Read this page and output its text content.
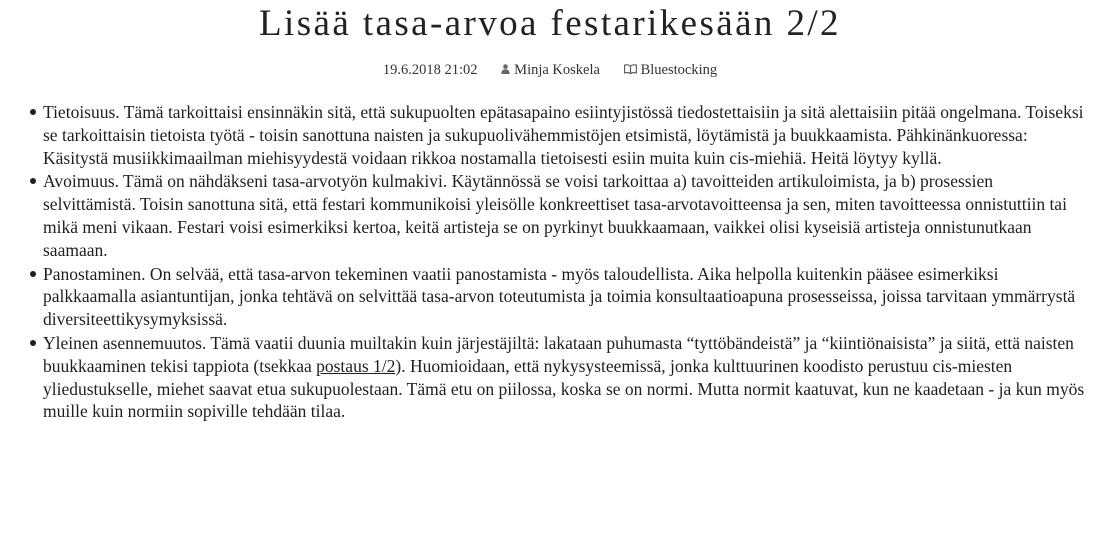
Lisää tasa-arvoa festarikesään 2/2
19.6.2018 21:02	Minja Koskela	Bluestocking
Tietoisuus. Tämä tarkoittaisi ensinnäkin sitä, että sukupuolten epätasapaino esiintyjistössä tiedostettaisiin ja sitä alettaisiin pitää ongelmana. Toiseksi se tarkoittaisin tietoista työtä - toisin sanottuna naisten ja sukupuolivähemmistöjen etsimistä, löytämistä ja buukkaamista. Pähkinänkuoressa: Käsitystä musiikkimaailman miehisyydestä voidaan rikkoa nostamalla tietoisesti esiin muita kuin cis-miehiä. Heitä löytyy kyllä.
Avoimuus. Tämä on nähdäkseni tasa-arvotyön kulmakivi. Käytännössä se voisi tarkoittaa a) tavoitteiden artikuloimista, ja b) prosessien selvittämistä. Toisin sanottuna sitä, että festari kommunikoisi yleisölle konkreettiset tasa-arvotavoitteensa ja sen, miten tavoitteessa onnistuttiin tai mikä meni vikaan. Festari voisi esimerkiksi kertoa, keitä artisteja se on pyrkinyt buukkaamaan, vaikkei olisi kyseisiä artisteja onnistunutkaan saamaan.
Panostaminen. On selvää, että tasa-arvon tekeminen vaatii panostamista - myös taloudellista. Aika helpolla kuitenkin pääsee esimerkiksi palkkaamalla asiantuntijan, jonka tehtävä on selvittää tasa-arvon toteutumista ja toimia konsultaatioapuna prosesseissa, joissa tarvitaan ymmärrystä diversiteettikysymyksissä.
Yleinen asennemuutos. Tämä vaatii duunia muiltakin kuin järjestäjiltä: lakataan puhumasta “tyttöbändeistä” ja “kiintiönaisista” ja siitä, että naisten buukkaaminen tekisi tappiota (tsekkaa postaus 1/2). Huomioidaan, että nykysysteemissä, jonka kulttuurinen koodisto perustuu cis-miesten yliedustukselle, miehet saavat etua sukupuolestaan. Tämä etu on piilossa, koska se on normi. Mutta normit kaatuvat, kun ne kaadetaan - ja kun myös muille kuin normiin sopiville tehdään tilaa.
